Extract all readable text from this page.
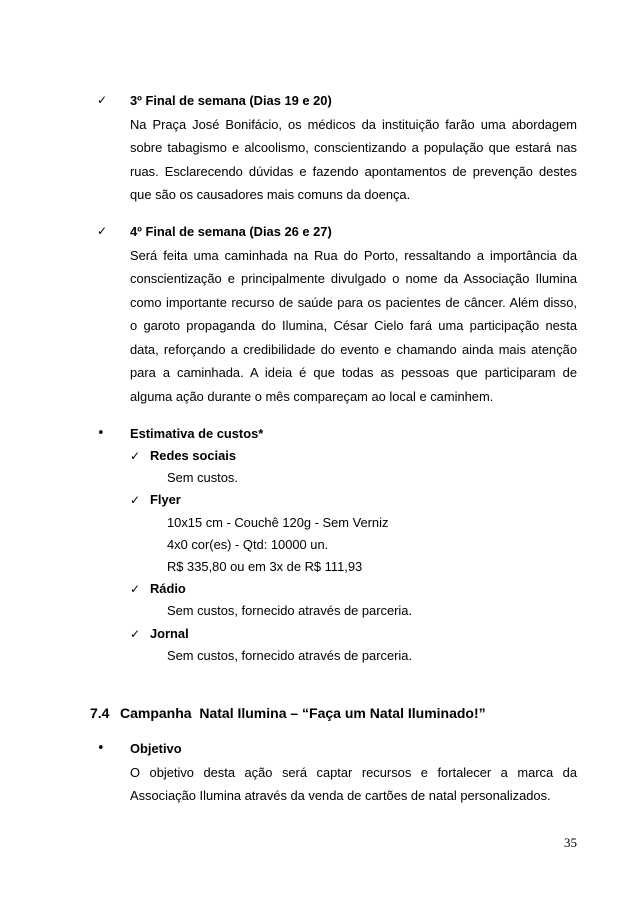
✓
3º Final de semana (Dias 19 e 20)
Na Praça José Bonifácio, os médicos da instituição farão uma abordagem
sobre tabagismo e alcoolismo, conscientizando a população que estará nas
ruas. Esclarecendo dúvidas e fazendo apontamentos de prevenção destes
que são os causadores mais comuns da doença.
✓
4º Final de semana (Dias 26 e 27)
Será feita uma caminhada na Rua do Porto, ressaltando a importância da
conscientização e principalmente divulgado o nome da Associação Ilumina
como importante recurso de saúde para os pacientes de câncer. Além disso,
o garoto propaganda do Ilumina, César Cielo fará uma participação nesta
data, reforçando a credibilidade do evento e chamando ainda mais atenção
para a caminhada. A ideia é que todas as pessoas que participaram de
alguma ação durante o mês compareçam ao local e caminhem.
•
Estimativa de custos*
✓
Redes sociais
Sem custos.
✓
Flyer
10x15 cm - Couchê 120g - Sem Verniz
4x0 cor(es) - Qtd: 10000 un.
R$ 335,80 ou em 3x de R$ 111,93
✓
Rádio
Sem custos, fornecido através de parceria.
✓
Jornal
Sem custos, fornecido através de parceria.
7.4 Campanha  Natal Ilumina – “Faça um Natal Iluminado!”
•
Objetivo
O objetivo desta ação será captar recursos e fortalecer a marca da
Associação Ilumina através da venda de cartões de natal personalizados.
35
